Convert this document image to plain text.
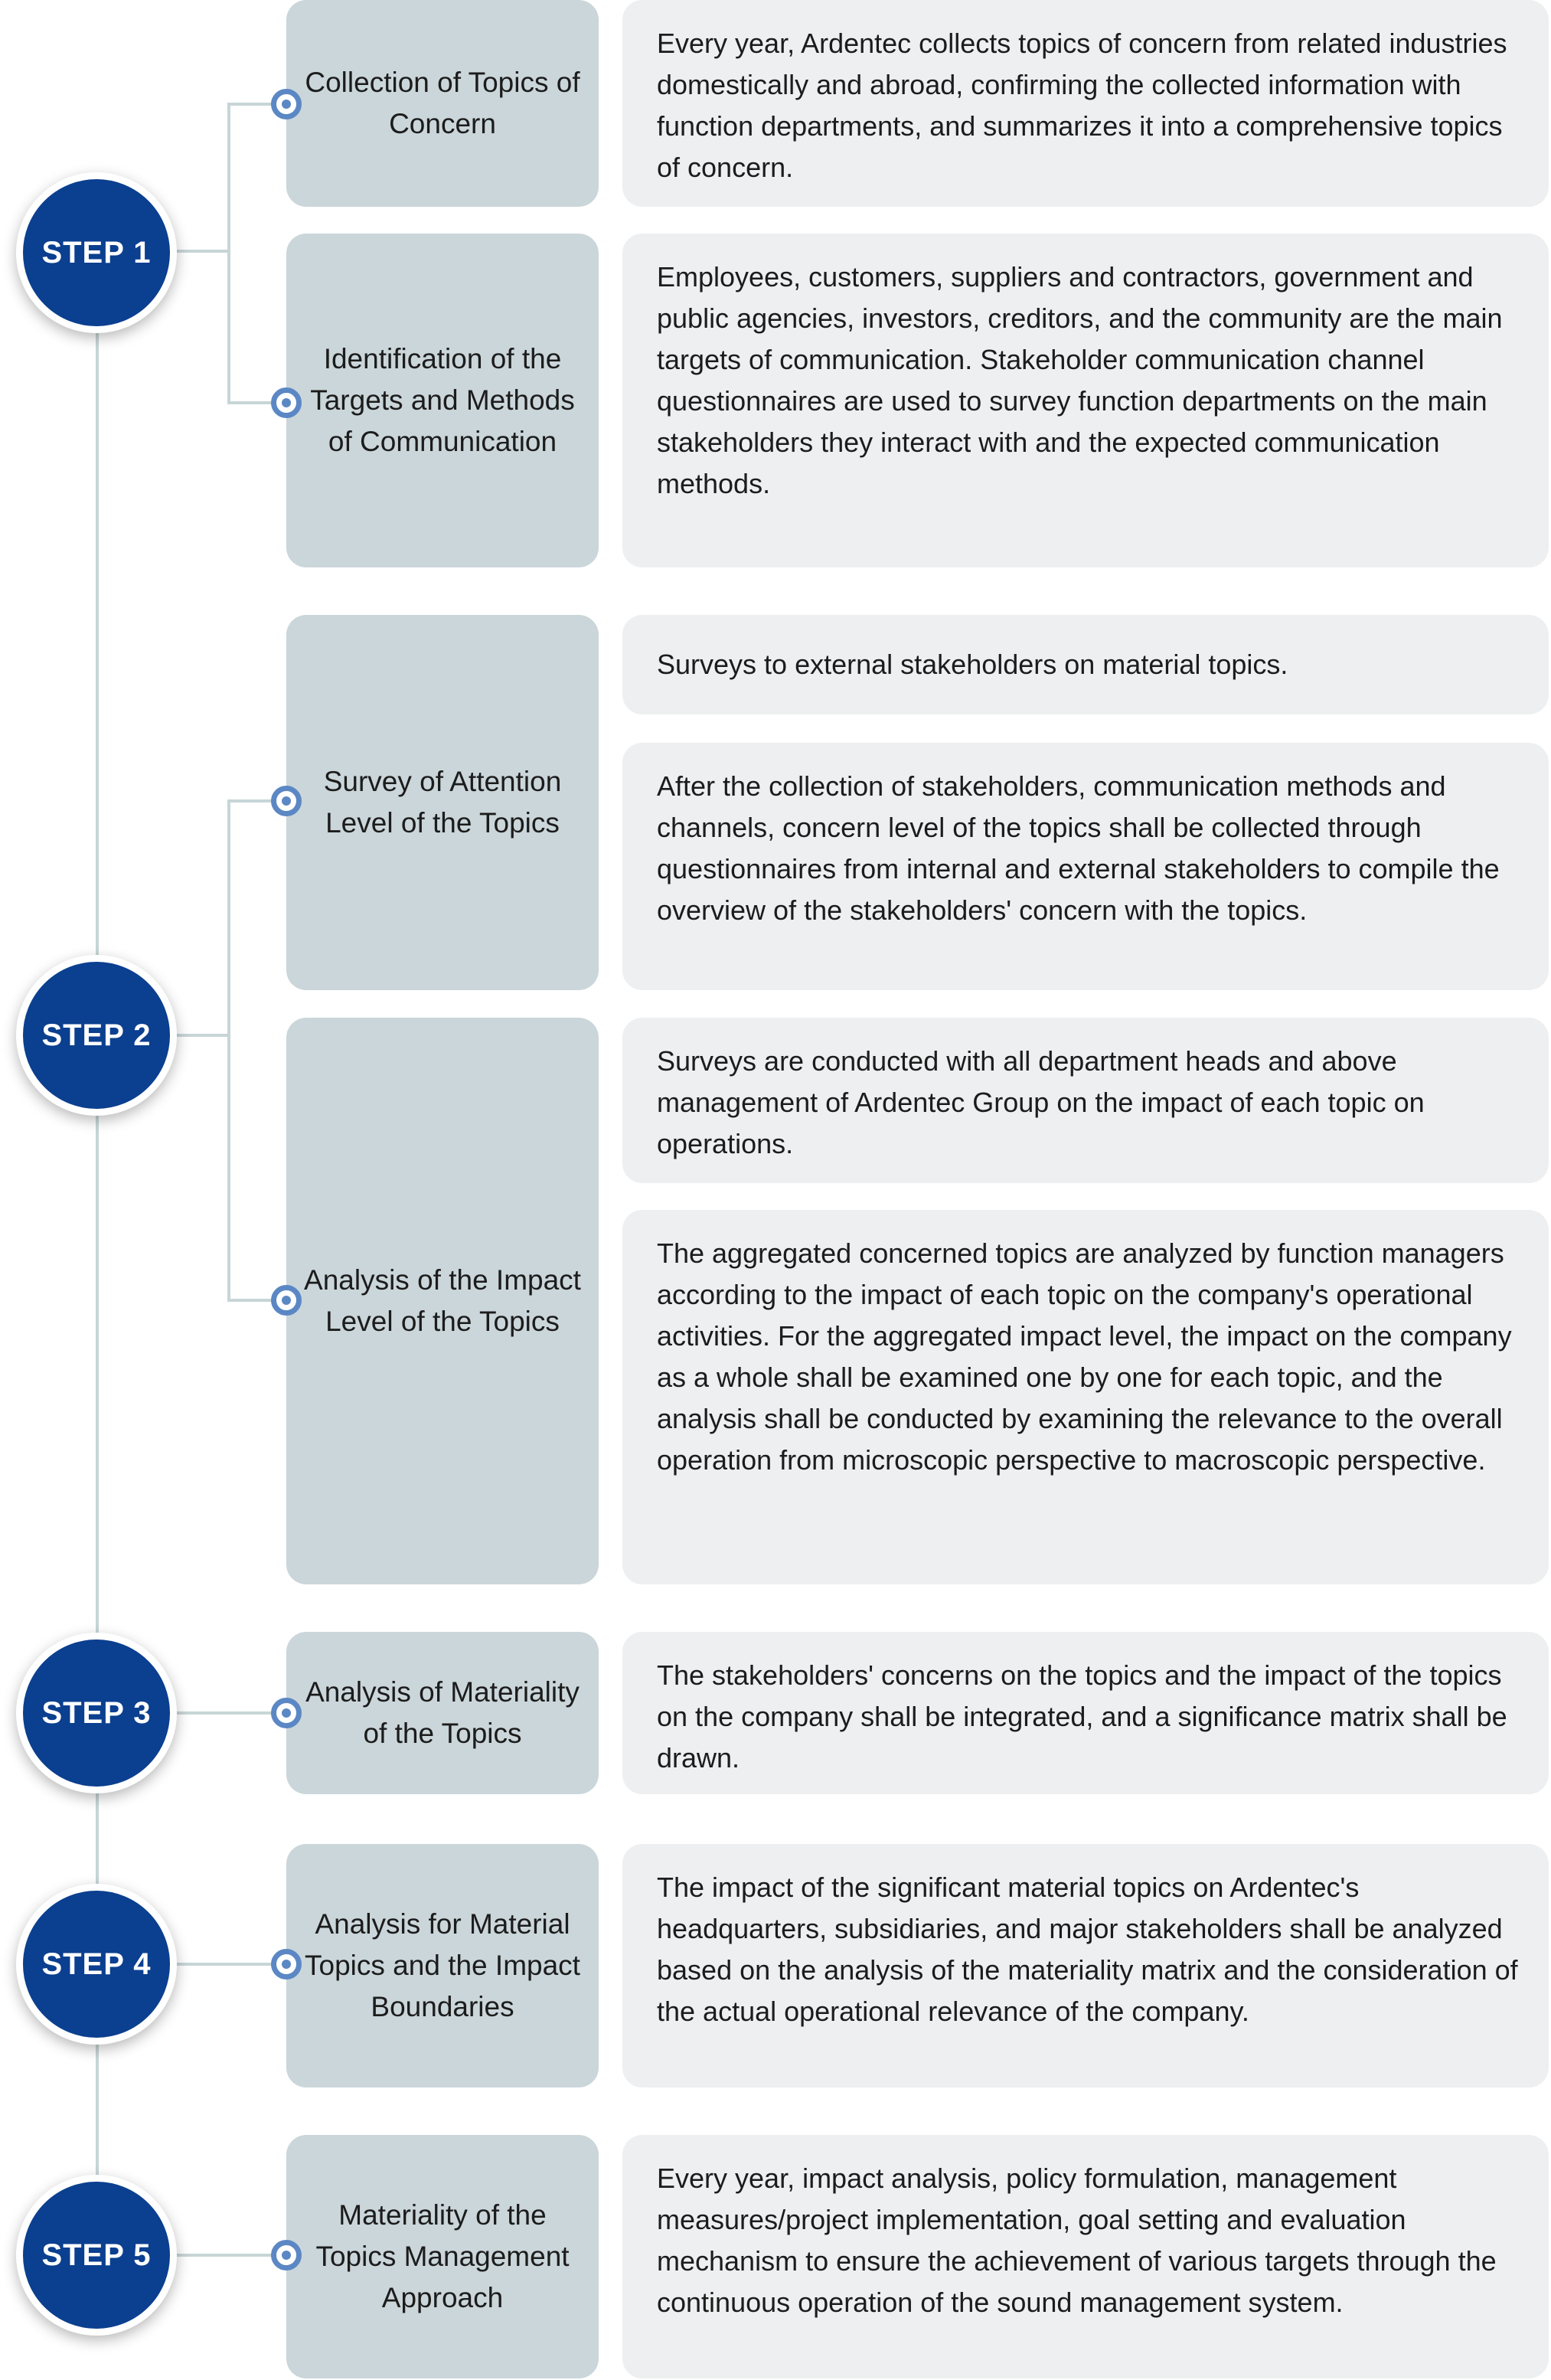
STEP 1
STEP 2
STEP 3
STEP 4
STEP 5
Collection of Topics of Concern
Identification of the Targets and Methods of Communication
Survey of Attention Level of the Topics
Analysis of the Impact Level of the Topics
Analysis of Materiality of the Topics
Analysis for Material Topics and the Impact Boundaries
Materiality of the Topics Management Approach
Every year, Ardentec collects topics of concern from related industries domestically and abroad, confirming the collected information with function departments, and summarizes it into a comprehensive topics of concern.
Employees, customers, suppliers and contractors, government and public agencies, investors, creditors, and the community are the main targets of communication. Stakeholder communication channel questionnaires are used to survey function departments on the main stakeholders they interact with and the expected communication methods.
Surveys to external stakeholders on material topics.
After the collection of stakeholders, communication methods and channels, concern level of the topics shall be collected through questionnaires from internal and external stakeholders to compile the overview of the stakeholders' concern with the topics.
Surveys are conducted with all department heads and above management of Ardentec Group on the impact of each topic on operations.
The aggregated concerned topics are analyzed by function managers according to the impact of each topic on the company's operational activities. For the aggregated impact level, the impact on the company as a whole shall be examined one by one for each topic, and the analysis shall be conducted by examining the relevance to the overall operation from microscopic perspective to macroscopic perspective.
The stakeholders' concerns on the topics and the impact of the topics on the company shall be integrated, and a significance matrix shall be drawn.
The impact of the significant material topics on Ardentec's headquarters, subsidiaries, and major stakeholders shall be analyzed based on the analysis of the materiality matrix and the consideration of the actual operational relevance of the company.
Every year, impact analysis, policy formulation, management measures/project implementation, goal setting and evaluation mechanism to ensure the achievement of various targets through the continuous operation of the sound management system.
